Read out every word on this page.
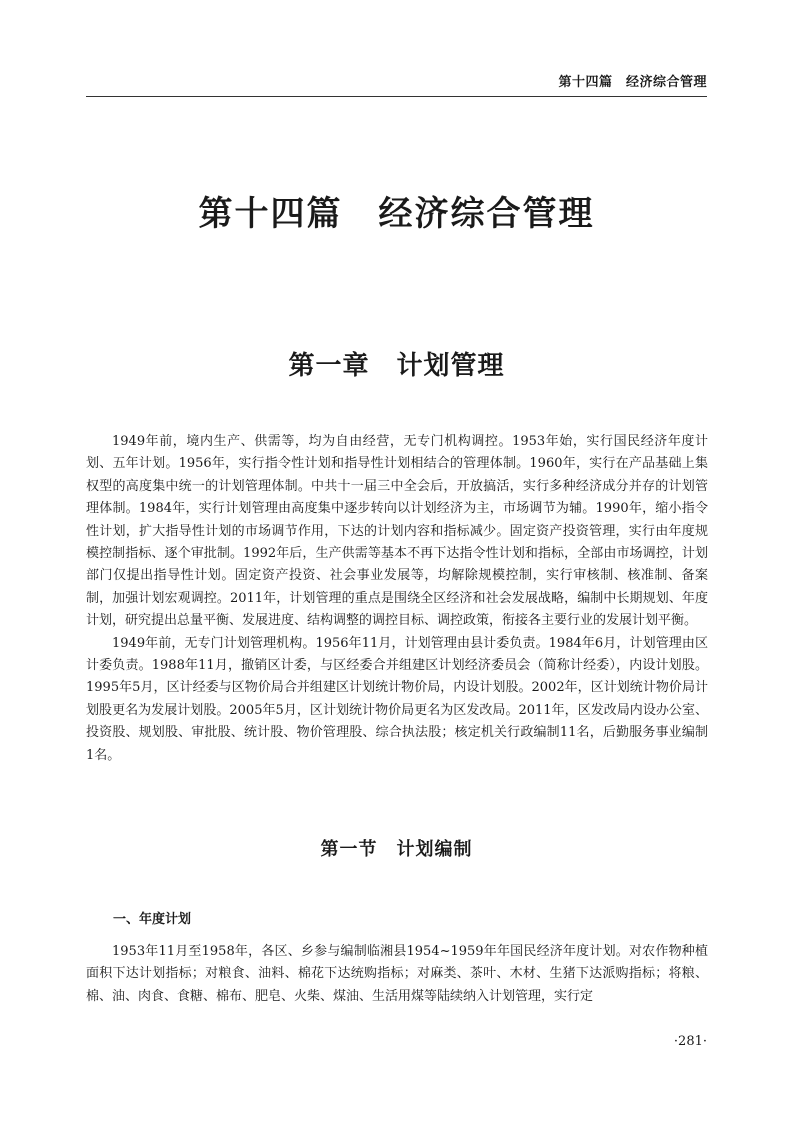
第十四篇　经济综合管理
第十四篇　经济综合管理
第一章　计划管理

1949年前，境内生产、供需等，均为自由经营，无专门机构调控。1953年始，实行国民经济年度计划、五年计划。1956年，实行指令性计划和指导性计划相结合的管理体制。1960年，实行在产品基础上集权型的高度集中统一的计划管理体制。中共十一届三中全会后，开放搞活，实行多种经济成分并存的计划管理体制。1984年，实行计划管理由高度集中逐步转向以计划经济为主，市场调节为辅。1990年，缩小指令性计划，扩大指导性计划的市场调节作用，下达的计划内容和指标减少。固定资产投资管理，实行由年度规模控制指标、逐个审批制。1992年后，生产供需等基本不再下达指令性计划和指标，全部由市场调控，计划部门仅提出指导性计划。固定资产投资、社会事业发展等，均解除规模控制，实行审核制、核准制、备案制，加强计划宏观调控。2011年，计划管理的重点是围绕全区经济和社会发展战略，编制中长期规划、年度计划，研究提出总量平衡、发展进度、结构调整的调控目标、调控政策，衔接各主要行业的发展计划平衡。

1949年前，无专门计划管理机构。1956年11月，计划管理由县计委负责。1984年6月，计划管理由区计委负责。1988年11月，撤销区计委，与区经委合并组建区计划经济委员会（简称计经委），内设计划股。1995年5月，区计经委与区物价局合并组建区计划统计物价局，内设计划股。2002年，区计划统计物价局计划股更名为发展计划股。2005年5月，区计划统计物价局更名为区发改局。2011年，区发改局内设办公室、投资股、规划股、审批股、统计股、物价管理股、综合执法股；核定机关行政编制11名，后勤服务事业编制1名。

第一节　计划编制
一、年度计划

1953年11月至1958年，各区、乡参与编制临湘县1954~1959年年国民经济年度计划。对农作物种植面积下达计划指标；对粮食、油料、棉花下达统购指标；对麻类、茶叶、木材、生猪下达派购指标；将粮、棉、油、肉食、食糖、棉布、肥皂、火柴、煤油、生活用煤等陆续纳入计划管理，实行定

·281·
